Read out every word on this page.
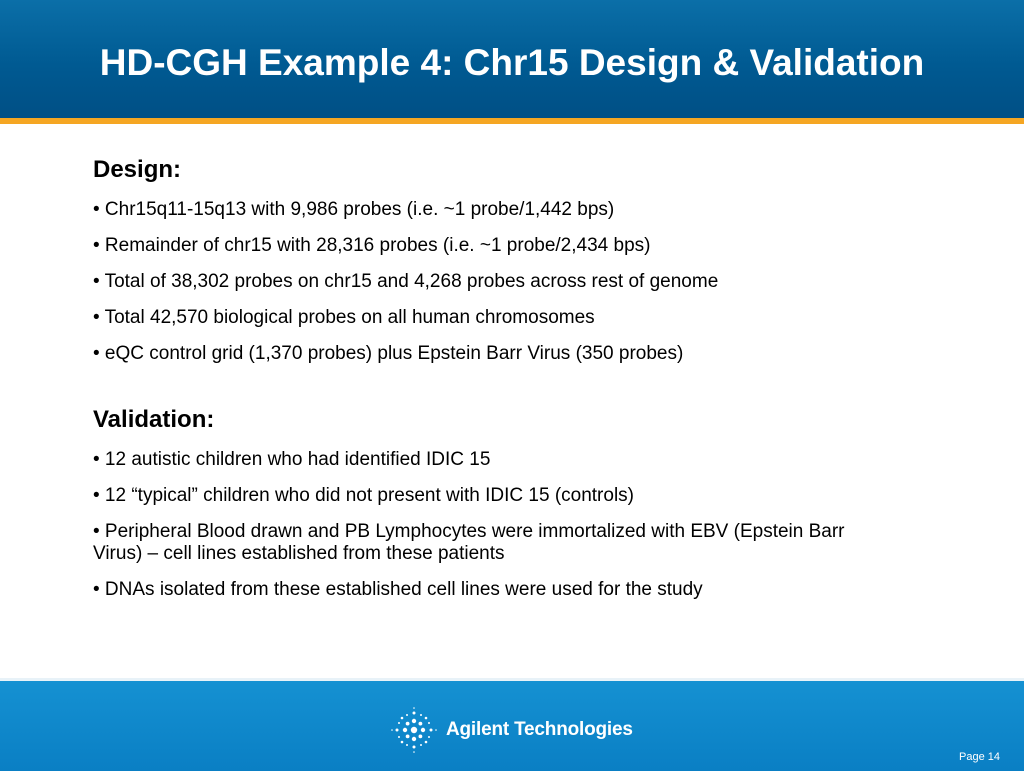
HD-CGH Example 4: Chr15 Design & Validation
Design:
• Chr15q11-15q13 with 9,986 probes (i.e. ~1 probe/1,442 bps)
• Remainder of chr15 with 28,316 probes (i.e. ~1 probe/2,434 bps)
• Total of 38,302 probes on chr15 and 4,268 probes across rest of genome
• Total 42,570 biological probes on all human chromosomes
• eQC control grid (1,370 probes) plus Epstein Barr Virus (350 probes)
Validation:
• 12 autistic children who had identified IDIC 15
• 12 “typical” children who did not present with IDIC 15 (controls)
• Peripheral Blood drawn and PB Lymphocytes were immortalized with EBV (Epstein Barr Virus) – cell lines established from these patients
• DNAs isolated from these established cell lines were used for the study
Agilent Technologies
Page 14
